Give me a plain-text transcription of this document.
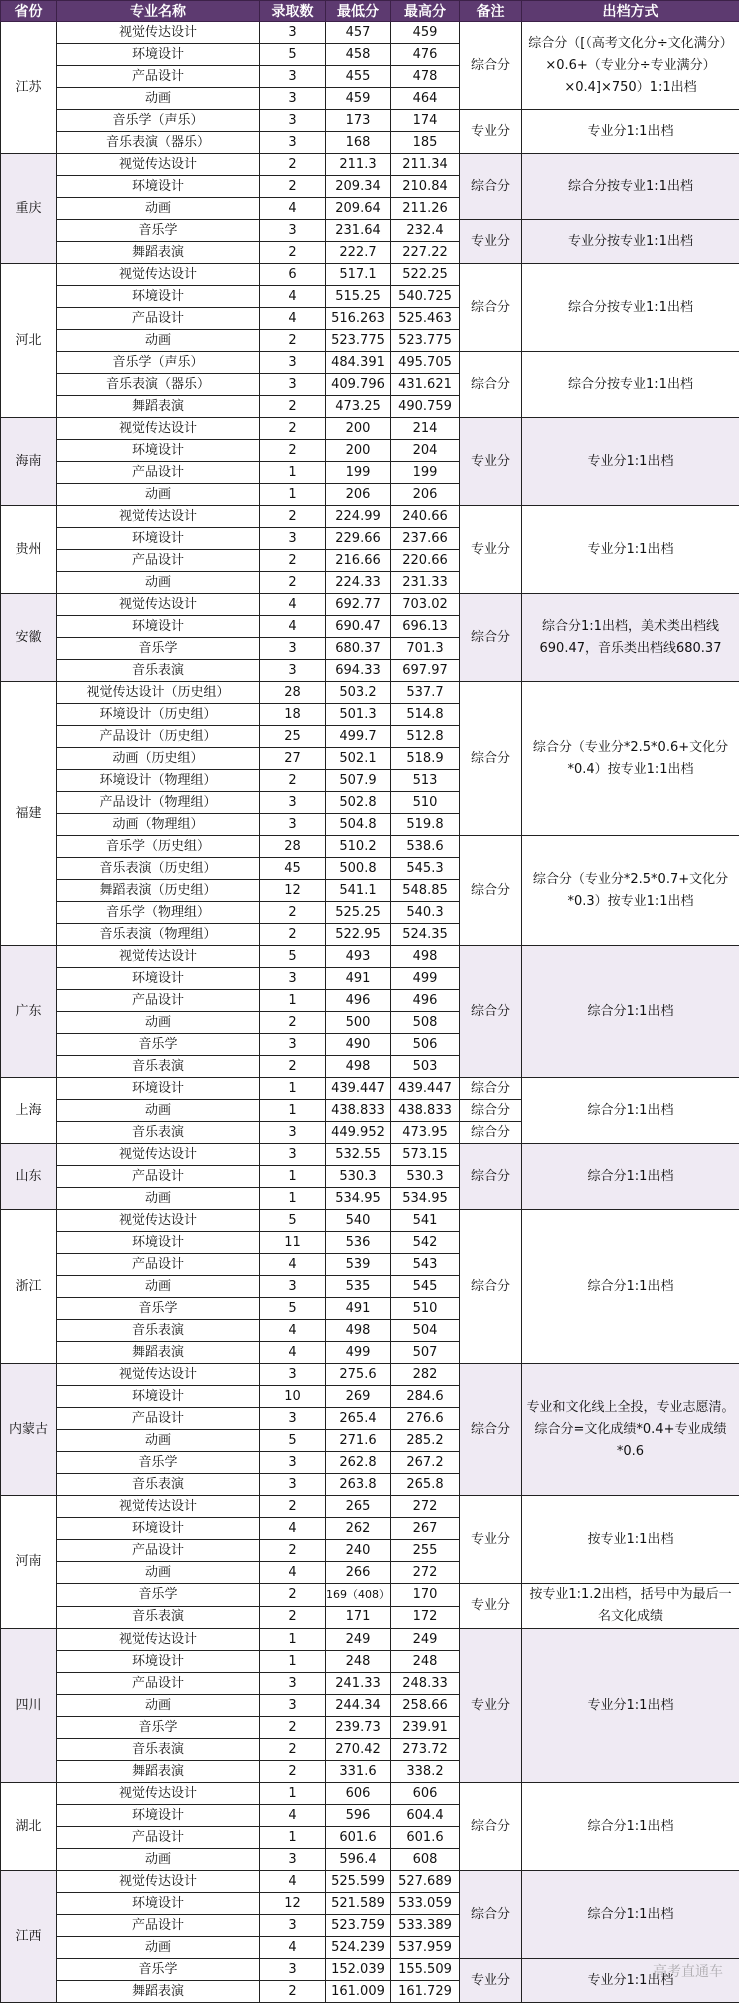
省份	专业名称	录取数	最低分	最高分	备注	出档方式
江苏	视觉传达设计	3	457	459	综合分	综合分（[（高考文化分÷文化满分）×0.6+（专业分÷专业满分）×0.4]×750）1:1出档
	环境设计	5	458	476		
	产品设计	3	455	478		
	动画	3	459	464		
	音乐学（声乐）	3	173	174	专业分	专业分1:1出档
	音乐表演（器乐）	3	168	185		
重庆	视觉传达设计	2	211.3	211.34	综合分	综合分按专业1:1出档
	环境设计	2	209.34	210.84		
	动画	4	209.64	211.26		
	音乐学	3	231.64	232.4	专业分	专业分按专业1:1出档
	舞蹈表演	2	222.7	227.22		
河北	视觉传达设计	6	517.1	522.25	综合分	综合分按专业1:1出档
	环境设计	4	515.25	540.725		
	产品设计	4	516.263	525.463		
	动画	2	523.775	523.775		
	音乐学（声乐）	3	484.391	495.705	综合分	综合分按专业1:1出档
	音乐表演（器乐）	3	409.796	431.621		
	舞蹈表演	2	473.25	490.759		
海南	视觉传达设计	2	200	214	专业分	专业分1:1出档
	环境设计	2	200	204		
	产品设计	1	199	199		
	动画	1	206	206		
贵州	视觉传达设计	2	224.99	240.66	专业分	专业分1:1出档
	环境设计	3	229.66	237.66		
	产品设计	2	216.66	220.66		
	动画	2	224.33	231.33		
安徽	视觉传达设计	4	692.77	703.02	综合分	综合分1:1出档，美术类出档线690.47，音乐类出档线680.37
	环境设计	4	690.47	696.13		
	音乐学	3	680.37	701.3		
	音乐表演	3	694.33	697.97		
福建	视觉传达设计（历史组）	28	503.2	537.7	综合分	综合分（专业分*2.5*0.6+文化分*0.4）按专业1:1出档
	环境设计（历史组）	18	501.3	514.8		
	产品设计（历史组）	25	499.7	512.8		
	动画（历史组）	27	502.1	518.9		
	环境设计（物理组）	2	507.9	513		
	产品设计（物理组）	3	502.8	510		
	动画（物理组）	3	504.8	519.8		
	音乐学（历史组）	28	510.2	538.6	综合分	综合分（专业分*2.5*0.7+文化分*0.3）按专业1:1出档
	音乐表演（历史组）	45	500.8	545.3		
	舞蹈表演（历史组）	12	541.1	548.85		
	音乐学（物理组）	2	525.25	540.3		
	音乐表演（物理组）	2	522.95	524.35		
广东	视觉传达设计	5	493	498	综合分	综合分1:1出档
	环境设计	3	491	499		
	产品设计	1	496	496		
	动画	2	500	508		
	音乐学	3	490	506		
	音乐表演	2	498	503		
上海	环境设计	1	439.447	439.447	综合分	综合分1:1出档
	动画	1	438.833	438.833	综合分	
	音乐表演	3	449.952	473.95	综合分	
山东	视觉传达设计	3	532.55	573.15	综合分	综合分1:1出档
	产品设计	1	530.3	530.3		
	动画	1	534.95	534.95		
浙江	视觉传达设计	5	540	541	综合分	综合分1:1出档
	环境设计	11	536	542		
	产品设计	4	539	543		
	动画	3	535	545		
	音乐学	5	491	510		
	音乐表演	4	498	504		
	舞蹈表演	4	499	507		
内蒙古	视觉传达设计	3	275.6	282	综合分	专业和文化线上全投，专业志愿清。综合分=文化成绩*0.4+专业成绩*0.6
	环境设计	10	269	284.6		
	产品设计	3	265.4	276.6		
	动画	5	271.6	285.2		
	音乐学	3	262.8	267.2		
	音乐表演	3	263.8	265.8		
河南	视觉传达设计	2	265	272	专业分	按专业1:1出档
	环境设计	4	262	267		
	产品设计	2	240	255		
	动画	4	266	272		
	音乐学	2	169（408）	170	专业分	按专业1:1.2出档，括号中为最后一名文化成绩
	音乐表演	2	171	172		
四川	视觉传达设计	1	249	249	专业分	专业分1:1出档
	环境设计	1	248	248		
	产品设计	3	241.33	248.33		
	动画	3	244.34	258.66		
	音乐学	2	239.73	239.91		
	音乐表演	2	270.42	273.72		
	舞蹈表演	2	331.6	338.2		
湖北	视觉传达设计	1	606	606	综合分	综合分1:1出档
	环境设计	4	596	604.4		
	产品设计	1	601.6	601.6		
	动画	3	596.4	608		
江西	视觉传达设计	4	525.599	527.689	综合分	综合分1:1出档
	环境设计	12	521.589	533.059		
	产品设计	3	523.759	533.389		
	动画	4	524.239	537.959		
	音乐学	3	152.039	155.509	专业分	专业分1:1出档
	舞蹈表演	2	161.009	161.729		
高考直通车
